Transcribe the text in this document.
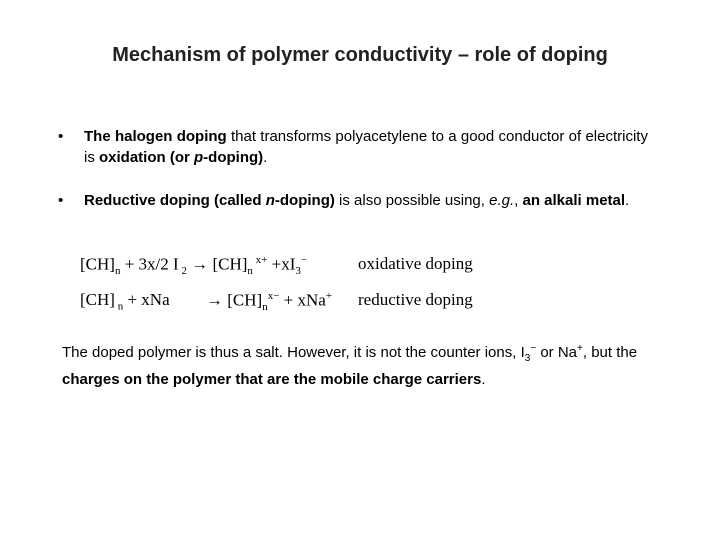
Mechanism of polymer conductivity – role of doping
• The halogen doping that transforms polyacetylene to a good conductor of electricity is oxidation (or p-doping).
• Reductive doping (called n-doping) is also possible using, e.g., an alkali metal.
$[CH]_n + 3x/2$ I $_2 \to [CH]_n$ $^{x+} +xI_3^-$	oxidative doping
[CH] $_n$ + xNa → $[CH]_n^{x-} + xNa^+$ reductive doping
The doped polymer is thus a salt. However, it is not the counter ions, $I_3^-$ or Na+, but the charges on the polymer that are the mobile charge carriers.
